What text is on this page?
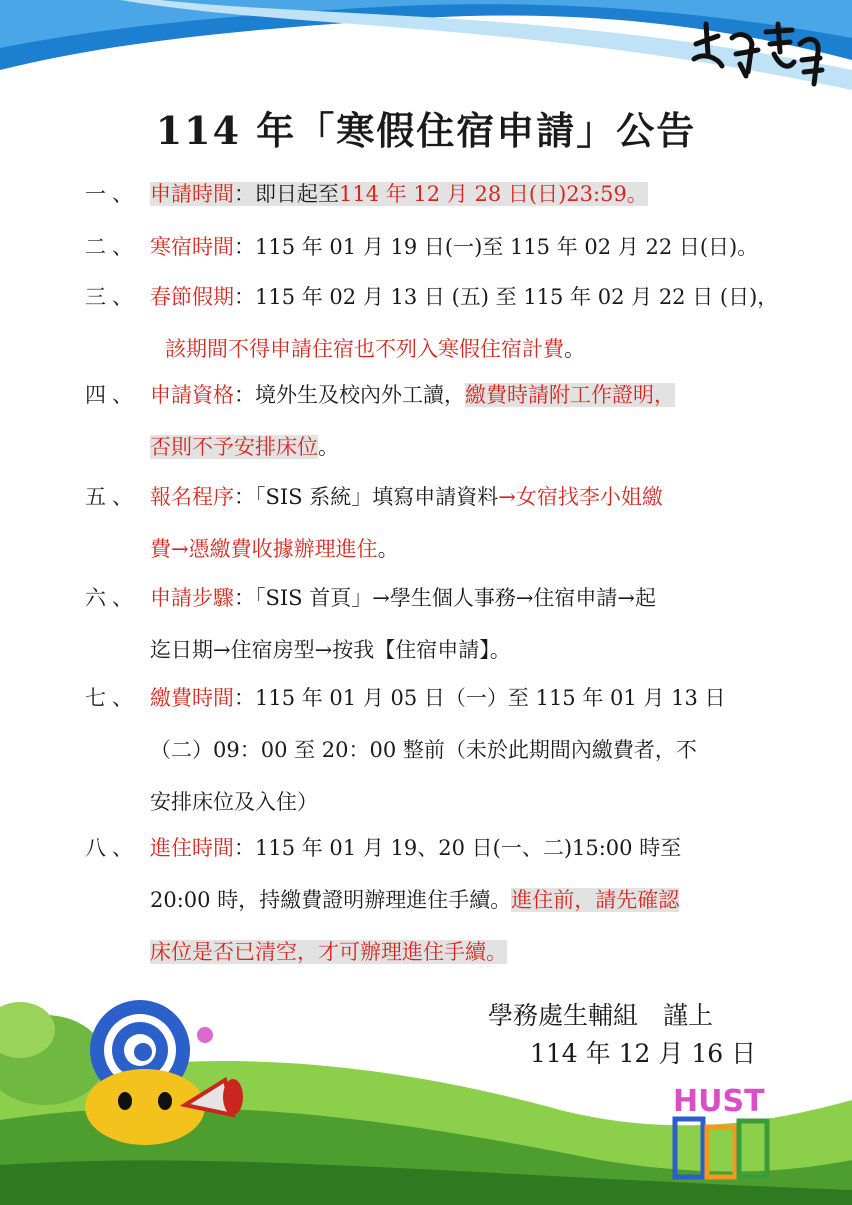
114 年「寒假住宿申請」公告
一、 申請時間：即日起至114 年 12 月 28 日(日)23:59。
二、 寒宿時間：115 年 01 月 19 日(一)至 115 年 02 月 22 日(日)。
三、 春節假期：115 年 02 月 13 日 (五) 至 115 年 02 月 22 日 (日)，
該期間不得申請住宿也不列入寒假住宿計費。
四、 申請資格：境外生及校內外工讀，繳費時請附工作證明，
否則不予安排床位。
五、 報名程序：「SIS 系統」填寫申請資料→女宿找李小姐繳
費→憑繳費收據辦理進住。
六、 申請步驟：「SIS 首頁」→學生個人事務→住宿申請→起
迄日期→住宿房型→按我【住宿申請】。
七、 繳費時間：115 年 01 月 05 日（一）至 115 年 01 月 13 日
（二）09：00 至 20：00 整前（未於此期間內繳費者，不
安排床位及入住）
八、 進住時間：115 年 01 月 19、20 日(一、二)15:00 時至
20:00 時，持繳費證明辦理進住手續。進住前，請先確認
床位是否已清空，才可辦理進住手續。
學務處生輔組　謹上
114 年 12 月 16 日
HUST
